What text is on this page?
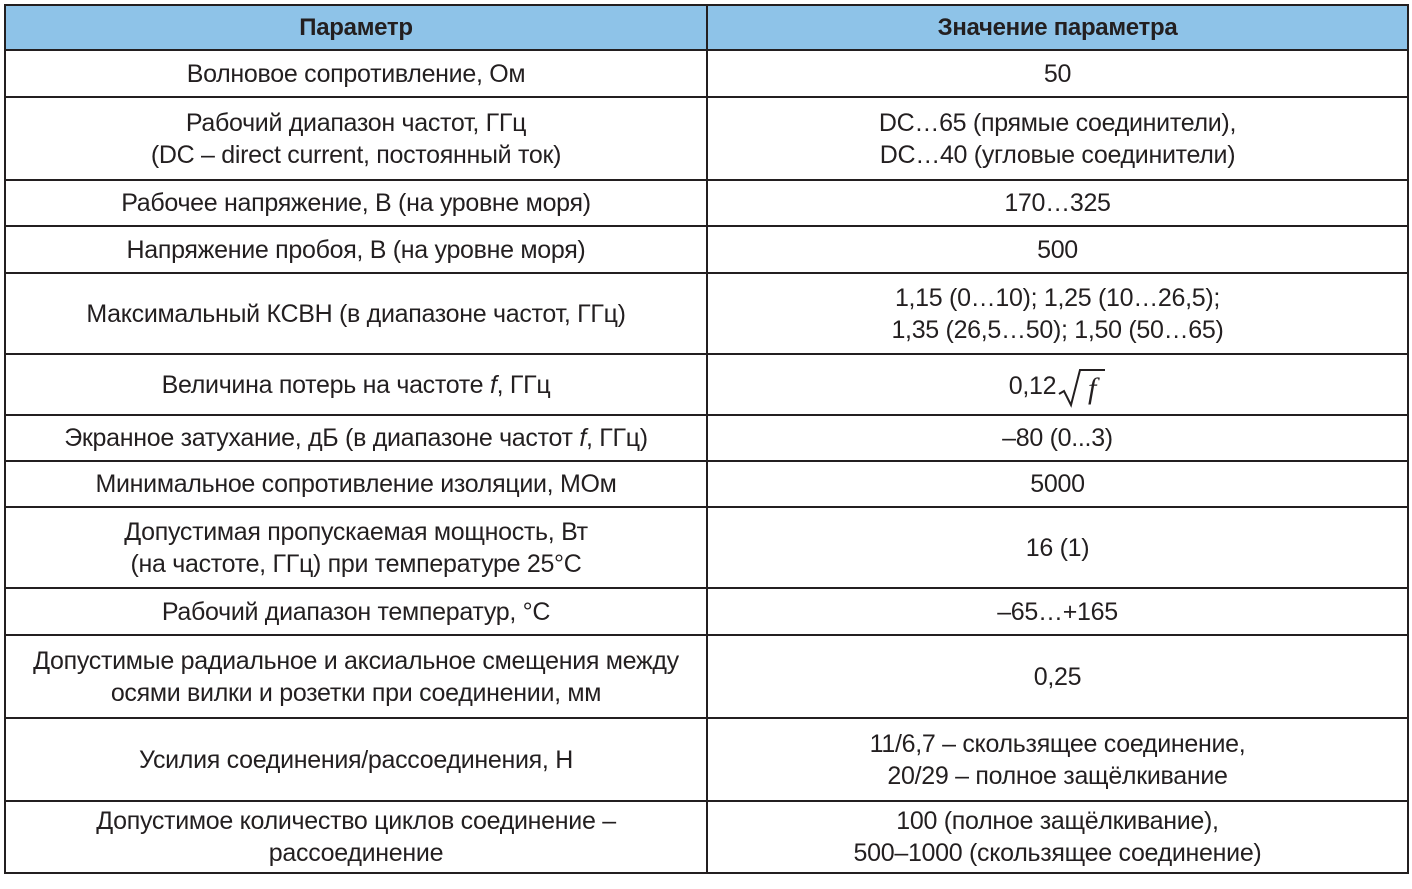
Параметр	Значение параметра

Волновое сопротивление, Ом	50

Рабочий диапазон частот, ГГц
(DC – direct current, постоянный ток)	DC…65 (прямые соединители),
DC…40 (угловые соединители)

Рабочее напряжение, В (на уровне моря)	170…325

Напряжение пробоя, В (на уровне моря)	500

Максимальный КСВН (в диапазоне частот, ГГц)	1,15 (0…10); 1,25 (10…26,5);
1,35 (26,5…50); 1,50 (50…65)

Величина потерь на частоте f, ГГц	0,12 f

Экранное затухание, дБ (в диапазоне частот f, ГГц)	–80 (0...3)

Минимальное сопротивление изоляции, МОм	5000

Допустимая пропускаемая мощность, Вт
(на частоте, ГГц) при температуре 25°С	16 (1)

Рабочий диапазон температур, °С	–65…+165

Допустимые радиальное и аксиальное смещения между
осями вилки и розетки при соединении, мм	0,25

Усилия соединения/рассоединения, Н	11/6,7 – скользящее соединение,
20/29 – полное защёлкивание

Допустимое количество циклов соединение –
рассоединение	100 (полное защёлкивание),
500–1000 (скользящее соединение)
